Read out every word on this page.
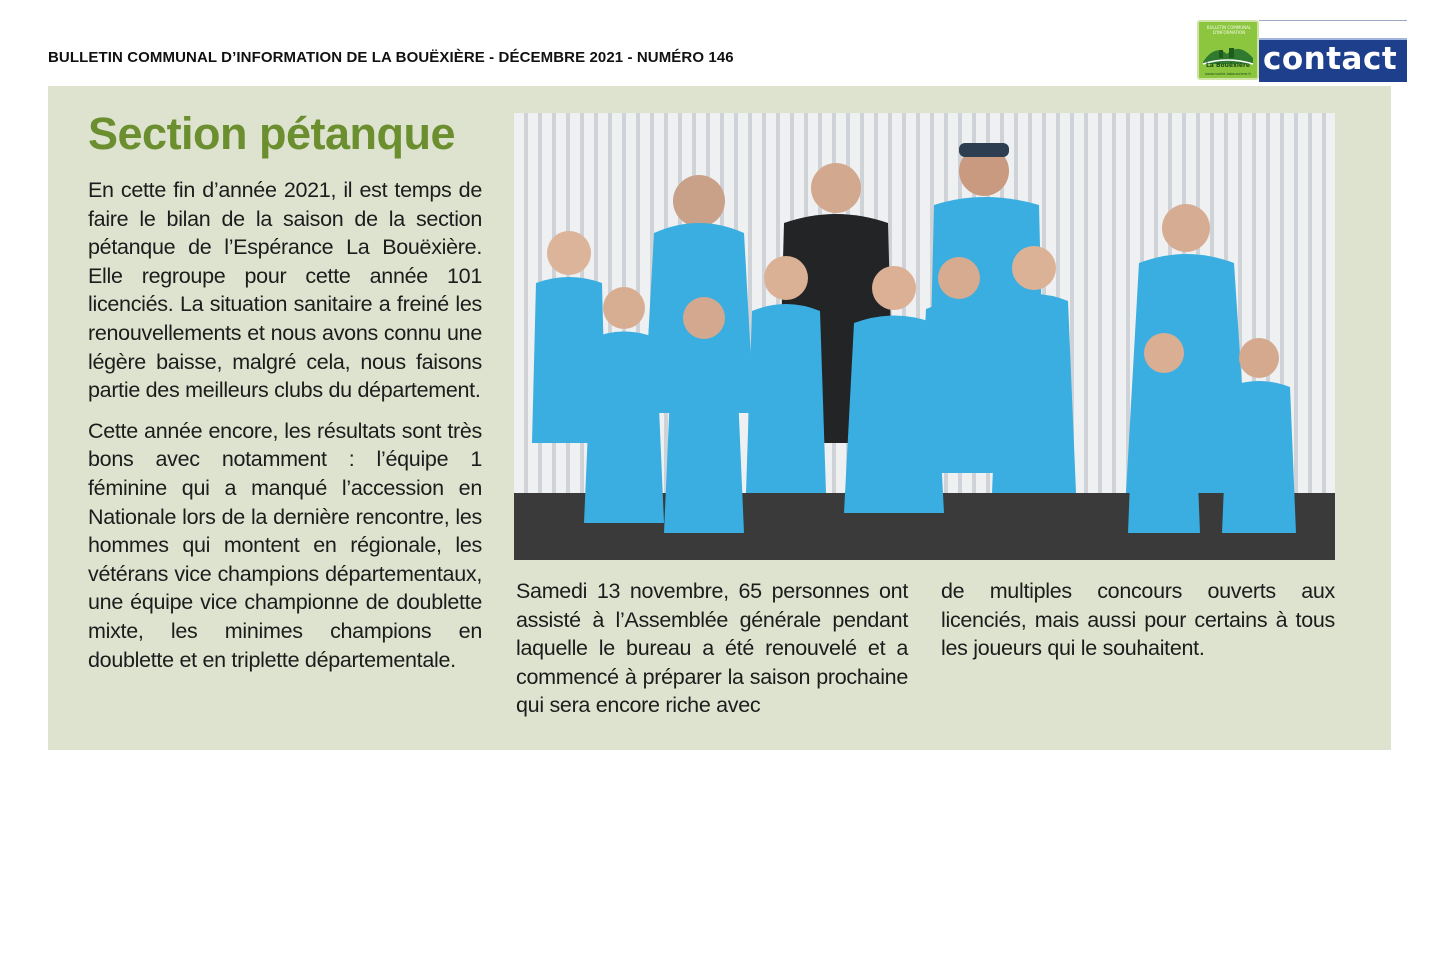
BULLETIN COMMUNAL D’INFORMATION DE LA BOUËXIÈRE - DÉCEMBRE 2021 - NUMÉRO 146
BULLETIN COMMUNAL D'INFORMATION
La Bouëxière
www.mairie-labouexiere.fr contact
Section pétanque

En cette fin d’année 2021, il est temps de faire le bilan de la saison de la section pétanque de l’Espérance La Bouëxière. Elle regroupe pour cette année 101 licenciés. La situation sanitaire a freiné les renouvellements et nous avons connu une légère baisse, malgré cela, nous faisons partie des meilleurs clubs du département.

Cette année encore, les résultats sont très bons avec notamment : l’équipe 1 féminine qui a manqué l’accession en Nationale lors de la dernière rencontre, les hommes qui montent en régionale, les vétérans vice champions départementaux, une équipe vice championne de doublette mixte, les minimes champions en doublette et en triplette départementale.

Samedi 13 novembre, 65 personnes ont assisté à l’Assemblée générale pendant laquelle le bureau a été renouvelé et a commencé à préparer la saison prochaine qui sera encore riche avec
de multiples concours ouverts aux licenciés, mais aussi pour certains à tous les joueurs qui le souhaitent.
